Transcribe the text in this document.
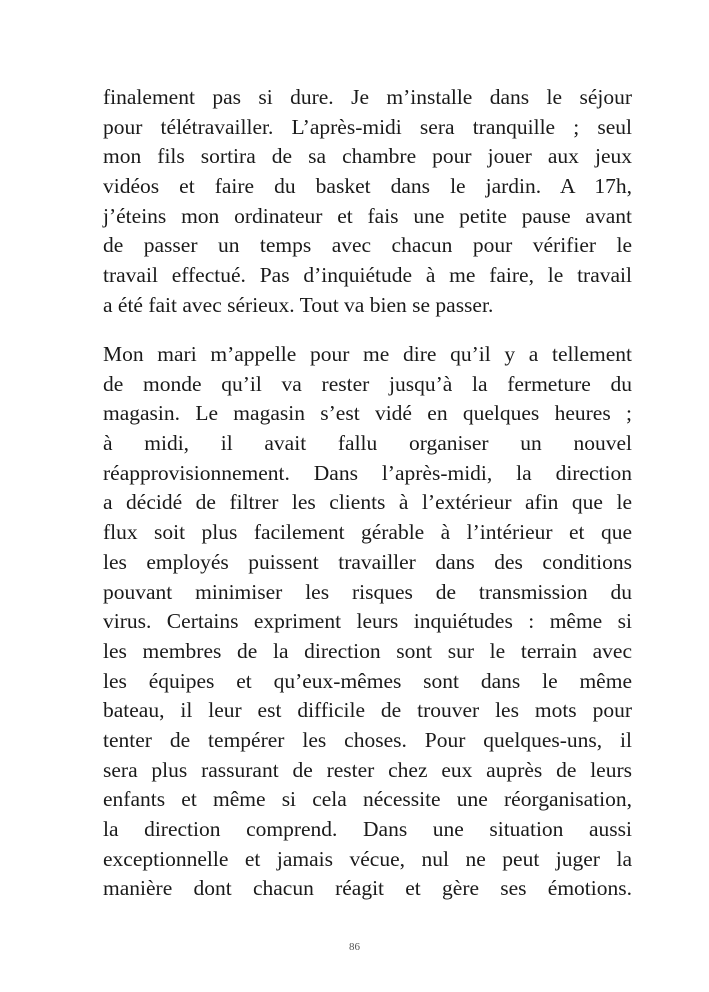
finalement pas si dure. Je m’installe dans le séjour
pour télétravailler. L’après-midi sera tranquille ; seul
mon fils sortira de sa chambre pour jouer aux jeux
vidéos et faire du basket dans le jardin. A 17h,
j’éteins mon ordinateur et fais une petite pause avant
de passer un temps avec chacun pour vérifier le
travail effectué. Pas d’inquiétude à me faire, le travail
a été fait avec sérieux. Tout va bien se passer.
Mon mari m’appelle pour me dire qu’il y a tellement
de monde qu’il va rester jusqu’à la fermeture du
magasin. Le magasin s’est vidé en quelques heures ;
à midi, il avait fallu organiser un nouvel
réapprovisionnement. Dans l’après-midi, la direction
a décidé de filtrer les clients à l’extérieur afin que le
flux soit plus facilement gérable à l’intérieur et que
les employés puissent travailler dans des conditions
pouvant minimiser les risques de transmission du
virus. Certains expriment leurs inquiétudes : même si
les membres de la direction sont sur le terrain avec
les équipes et qu’eux-mêmes sont dans le même
bateau, il leur est difficile de trouver les mots pour
tenter de tempérer les choses. Pour quelques-uns, il
sera plus rassurant de rester chez eux auprès de leurs
enfants et même si cela nécessite une réorganisation,
la direction comprend. Dans une situation aussi
exceptionnelle et jamais vécue, nul ne peut juger la
manière dont chacun réagit et gère ses émotions.
86
